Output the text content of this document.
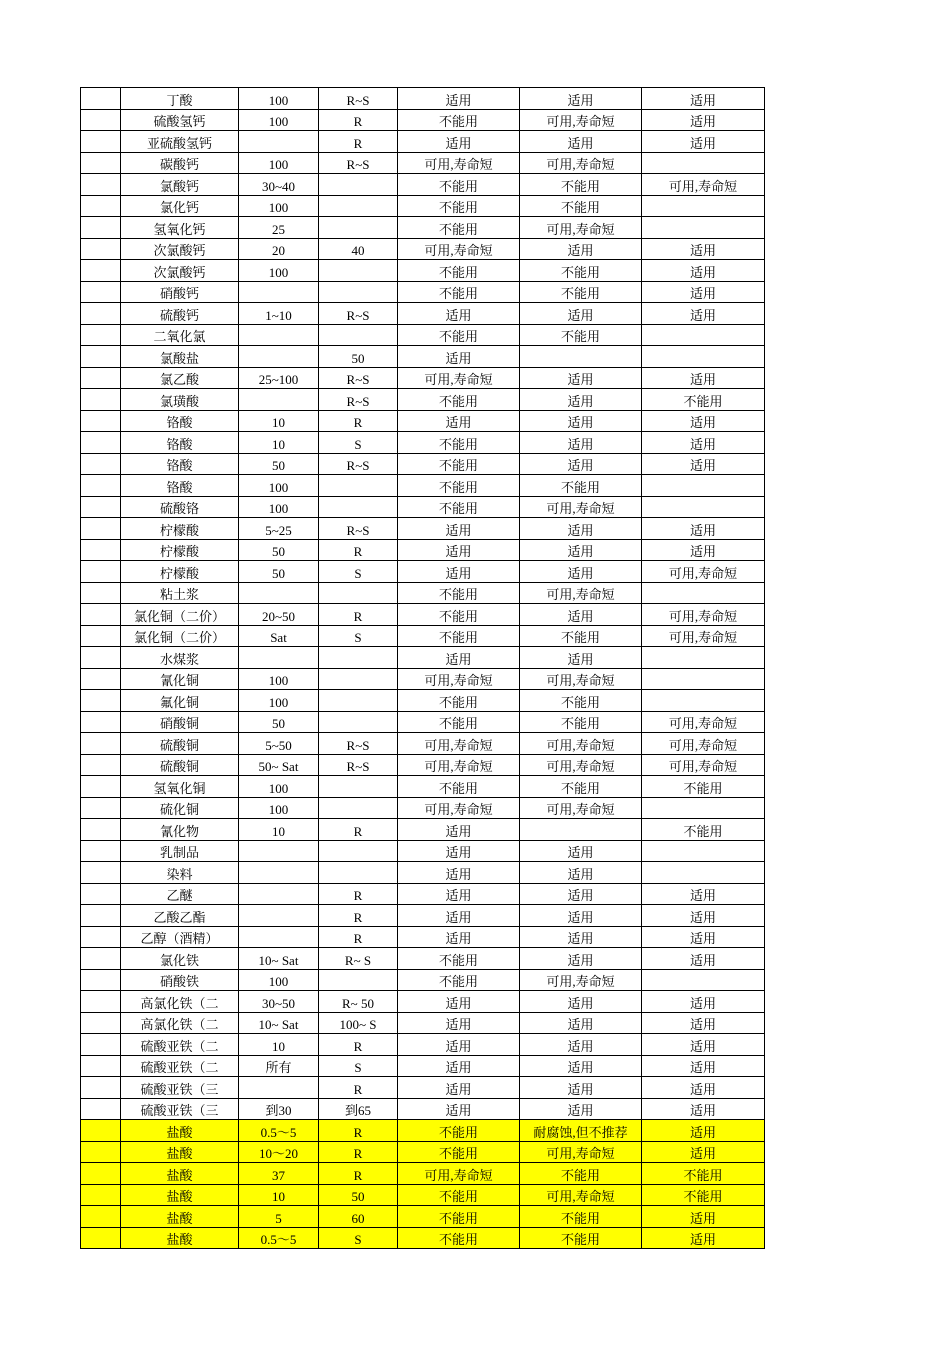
	丁酸	100	R~S	适用	适用	适用
	硫酸氢钙	100	R	不能用	可用,寿命短	适用
	亚硫酸氢钙		R	适用	适用	适用
	碳酸钙	100	R~S	可用,寿命短	可用,寿命短	
	氯酸钙	30~40		不能用	不能用	可用,寿命短
	氯化钙	100		不能用	不能用	
	氢氧化钙	25		不能用	可用,寿命短	
	次氯酸钙	20	40	可用,寿命短	适用	适用
	次氯酸钙	100		不能用	不能用	适用
	硝酸钙			不能用	不能用	适用
	硫酸钙	1~10	R~S	适用	适用	适用
	二氧化氯			不能用	不能用	
	氯酸盐		50	适用		
	氯乙酸	25~100	R~S	可用,寿命短	适用	适用
	氯璜酸		R~S	不能用	适用	不能用
	铬酸	10	R	适用	适用	适用
	铬酸	10	S	不能用	适用	适用
	铬酸	50	R~S	不能用	适用	适用
	铬酸	100		不能用	不能用	
	硫酸铬	100		不能用	可用,寿命短	
	柠檬酸	5~25	R~S	适用	适用	适用
	柠檬酸	50	R	适用	适用	适用
	柠檬酸	50	S	适用	适用	可用,寿命短
	粘土浆			不能用	可用,寿命短	
	氯化铜（二价）	20~50	R	不能用	适用	可用,寿命短
	氯化铜（二价）	Sat	S	不能用	不能用	可用,寿命短
	水煤浆			适用	适用	
	氰化铜	100		可用,寿命短	可用,寿命短	
	氟化铜	100		不能用	不能用	
	硝酸铜	50		不能用	不能用	可用,寿命短
	硫酸铜	5~50	R~S	可用,寿命短	可用,寿命短	可用,寿命短
	硫酸铜	50~ Sat	R~S	可用,寿命短	可用,寿命短	可用,寿命短
	氢氧化铜	100		不能用	不能用	不能用
	硫化铜	100		可用,寿命短	可用,寿命短	
	氰化物	10	R	适用		不能用
	乳制品			适用	适用	
	染料			适用	适用	
	乙醚		R	适用	适用	适用
	乙酸乙酯		R	适用	适用	适用
	乙醇（酒精）		R	适用	适用	适用
	氯化铁	10~ Sat	R~ S	不能用	适用	适用
	硝酸铁	100		不能用	可用,寿命短	
	高氯化铁（二	30~50	R~ 50	适用	适用	适用
	高氯化铁（二	10~ Sat	100~ S	适用	适用	适用
	硫酸亚铁（二	10	R	适用	适用	适用
	硫酸亚铁（二	所有	S	适用	适用	适用
	硫酸亚铁（三		R	适用	适用	适用
	硫酸亚铁（三	到30	到65	适用	适用	适用
	盐酸	0.5～5	R	不能用	耐腐蚀,但不推荐	适用
	盐酸	10～20	R	不能用	可用,寿命短	适用
	盐酸	37	R	可用,寿命短	不能用	不能用
	盐酸	10	50	不能用	可用,寿命短	不能用
	盐酸	5	60	不能用	不能用	适用
	盐酸	0.5～5	S	不能用	不能用	适用
